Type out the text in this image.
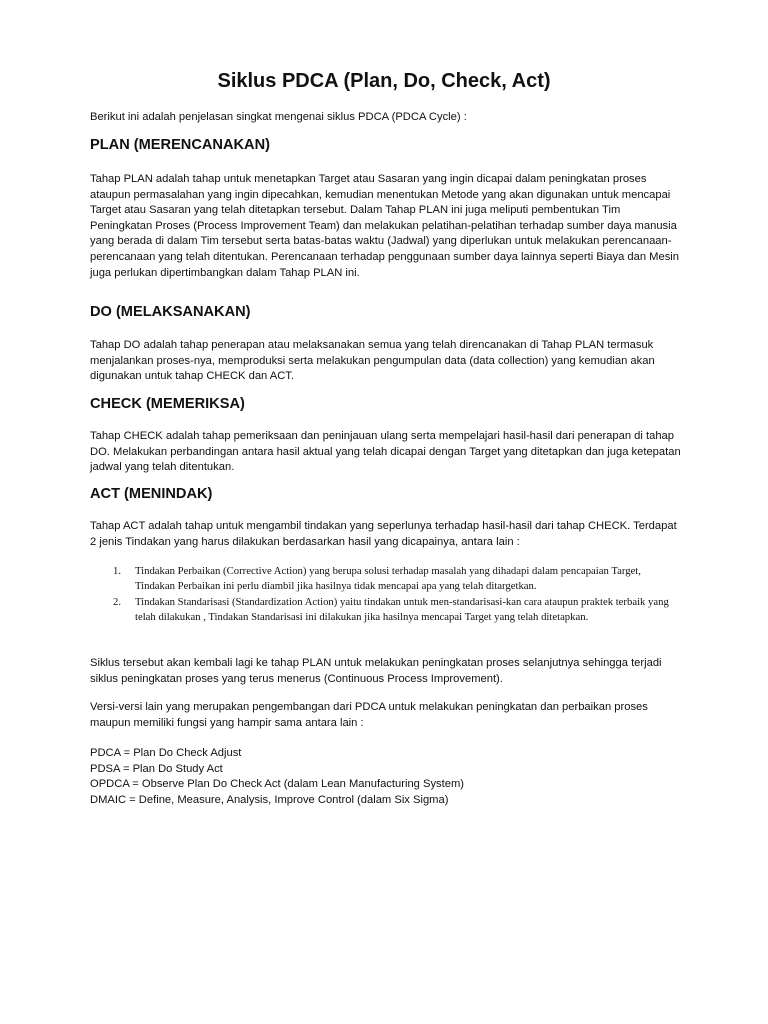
Siklus PDCA (Plan, Do, Check, Act)

Berikut ini adalah penjelasan singkat mengenai siklus PDCA (PDCA Cycle) :

PLAN (MERENCANAKAN)

Tahap PLAN adalah tahap untuk menetapkan Target atau Sasaran yang ingin dicapai dalam peningkatan proses ataupun permasalahan yang ingin dipecahkan, kemudian menentukan Metode yang akan digunakan untuk mencapai Target atau Sasaran yang telah ditetapkan tersebut. Dalam Tahap PLAN ini juga meliputi pembentukan Tim Peningkatan Proses (Process Improvement Team) dan melakukan pelatihan-pelatihan terhadap sumber daya manusia yang berada di dalam Tim tersebut serta batas-batas waktu (Jadwal) yang diperlukan untuk melakukan perencanaan-perencanaan yang telah ditentukan. Perencanaan terhadap penggunaan sumber daya lainnya seperti Biaya dan Mesin juga perlukan dipertimbangkan dalam Tahap PLAN ini.

DO (MELAKSANAKAN)

Tahap DO adalah tahap penerapan atau melaksanakan semua yang telah direncanakan di Tahap PLAN termasuk menjalankan proses-nya, memproduksi serta melakukan pengumpulan data (data collection) yang kemudian akan digunakan untuk tahap CHECK dan ACT.

CHECK (MEMERIKSA)

Tahap CHECK adalah tahap pemeriksaan dan peninjauan ulang serta mempelajari hasil-hasil dari penerapan di tahap DO. Melakukan perbandingan antara hasil aktual yang telah dicapai dengan Target yang ditetapkan dan juga ketepatan jadwal yang telah ditentukan.

ACT (MENINDAK)

Tahap ACT adalah tahap untuk mengambil tindakan yang seperlunya terhadap hasil-hasil dari tahap CHECK. Terdapat 2 jenis Tindakan yang harus dilakukan berdasarkan hasil yang dicapainya, antara lain :

1.	Tindakan Perbaikan (Corrective Action) yang berupa solusi terhadap masalah yang dihadapi dalam pencapaian Target, Tindakan Perbaikan ini perlu diambil jika hasilnya tidak mencapai apa yang telah ditargetkan.
2.	Tindakan Standarisasi (Standardization Action) yaitu tindakan untuk men-standarisasi-kan cara ataupun praktek terbaik yang telah dilakukan , Tindakan Standarisasi ini dilakukan jika hasilnya mencapai Target yang telah ditetapkan.

Siklus tersebut akan kembali lagi ke tahap PLAN untuk melakukan peningkatan proses selanjutnya sehingga terjadi siklus peningkatan proses yang terus menerus (Continuous Process Improvement).

Versi-versi lain yang merupakan pengembangan dari PDCA untuk melakukan peningkatan dan perbaikan proses maupun memiliki fungsi yang hampir sama antara lain :

PDCA = Plan Do Check Adjust
PDSA = Plan Do Study Act
OPDCA = Observe Plan Do Check Act (dalam Lean Manufacturing System)
DMAIC = Define, Measure, Analysis, Improve Control (dalam Six Sigma)
